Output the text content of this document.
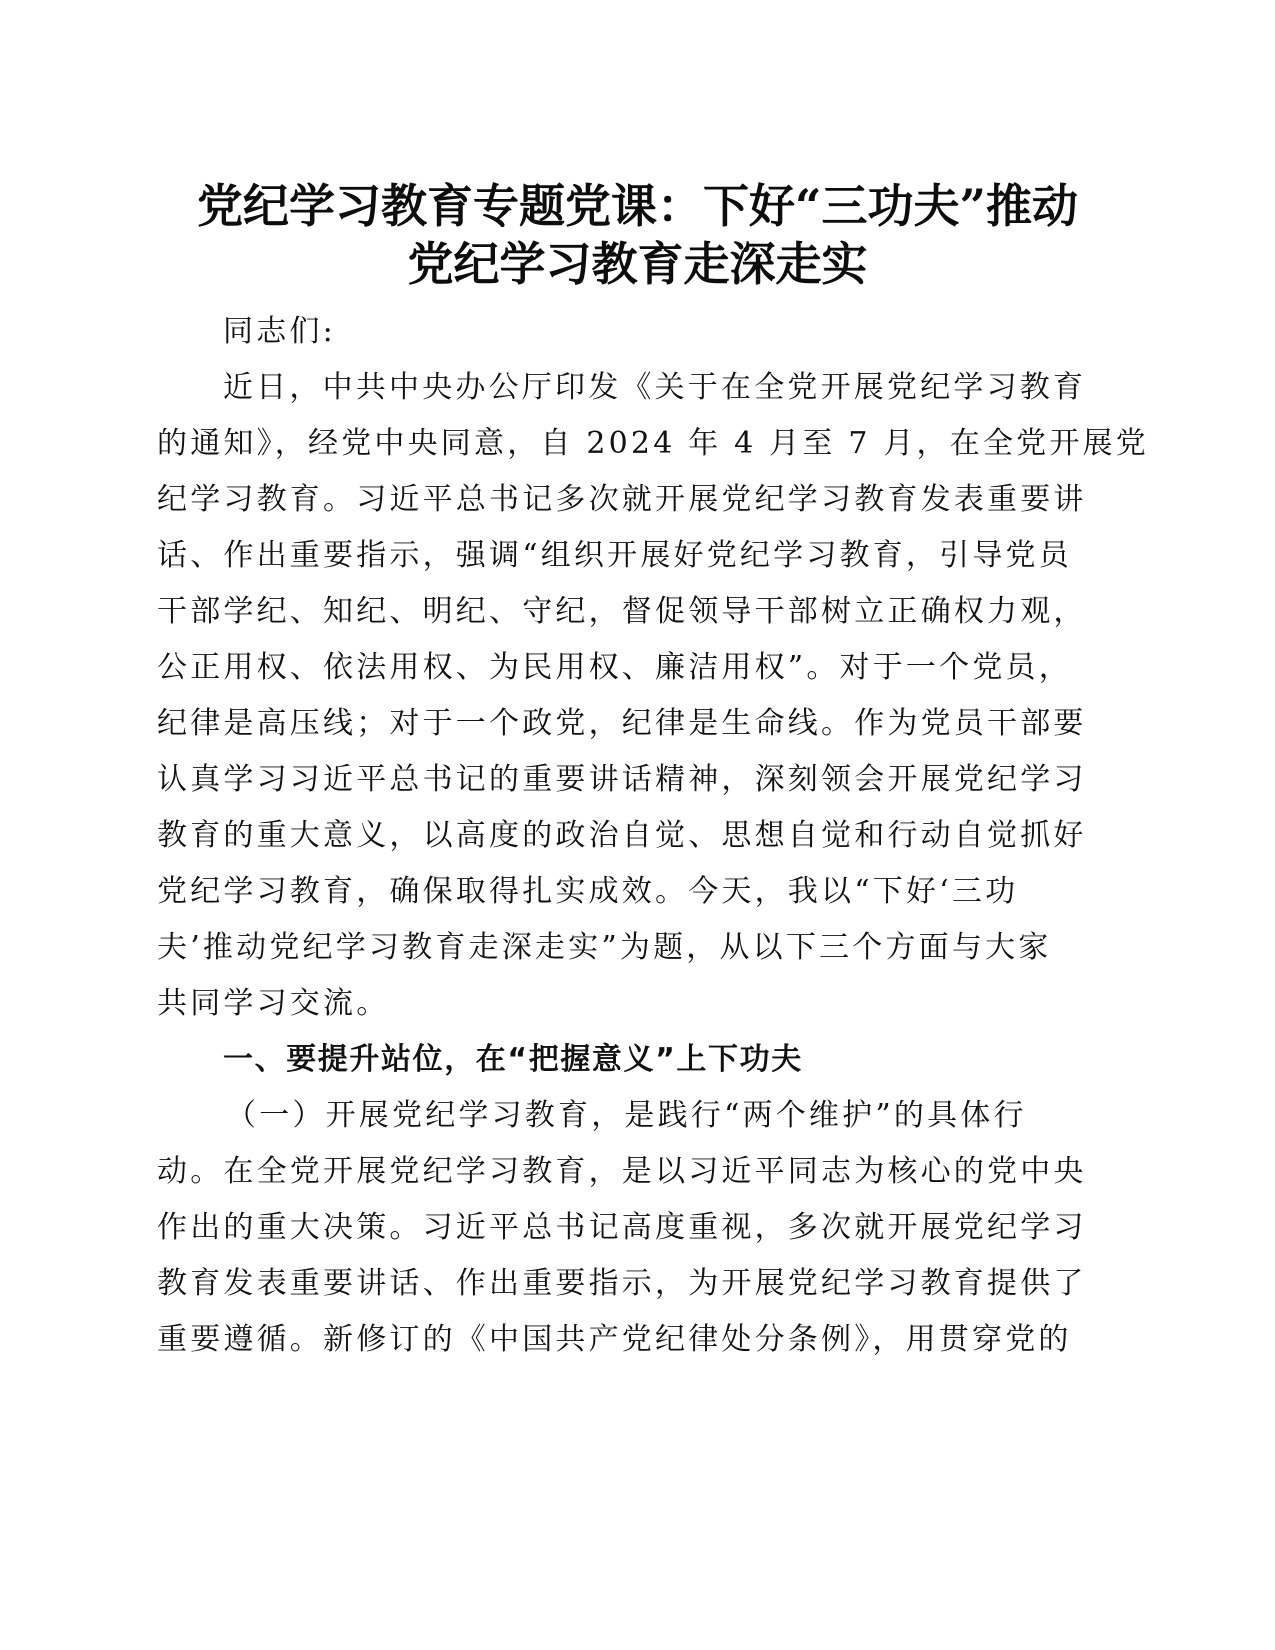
党纪学习教育专题党课：下好“三功夫”推动
党纪学习教育走深走实
同志们:
近日，中共中央办公厅印发《关于在全党开展党纪学习教育
的通知》，经党中央同意，自 2024 年 4 月至 7 月，在全党开展党
纪学习教育。习近平总书记多次就开展党纪学习教育发表重要讲
话、作出重要指示，强调“组织开展好党纪学习教育，引导党员
干部学纪、知纪、明纪、守纪，督促领导干部树立正确权力观，
公正用权、依法用权、为民用权、廉洁用权”。对于一个党员，
纪律是高压线；对于一个政党，纪律是生命线。作为党员干部要
认真学习习近平总书记的重要讲话精神，深刻领会开展党纪学习
教育的重大意义，以高度的政治自觉、思想自觉和行动自觉抓好
党纪学习教育，确保取得扎实成效。今天，我以“下好‘三功
夫’推动党纪学习教育走深走实”为题，从以下三个方面与大家
共同学习交流。
一、要提升站位，在“把握意义”上下功夫
（一）开展党纪学习教育，是践行“两个维护”的具体行
动。在全党开展党纪学习教育，是以习近平同志为核心的党中央
作出的重大决策。习近平总书记高度重视，多次就开展党纪学习
教育发表重要讲话、作出重要指示，为开展党纪学习教育提供了
重要遵循。新修订的《中国共产党纪律处分条例》，用贯穿党的
